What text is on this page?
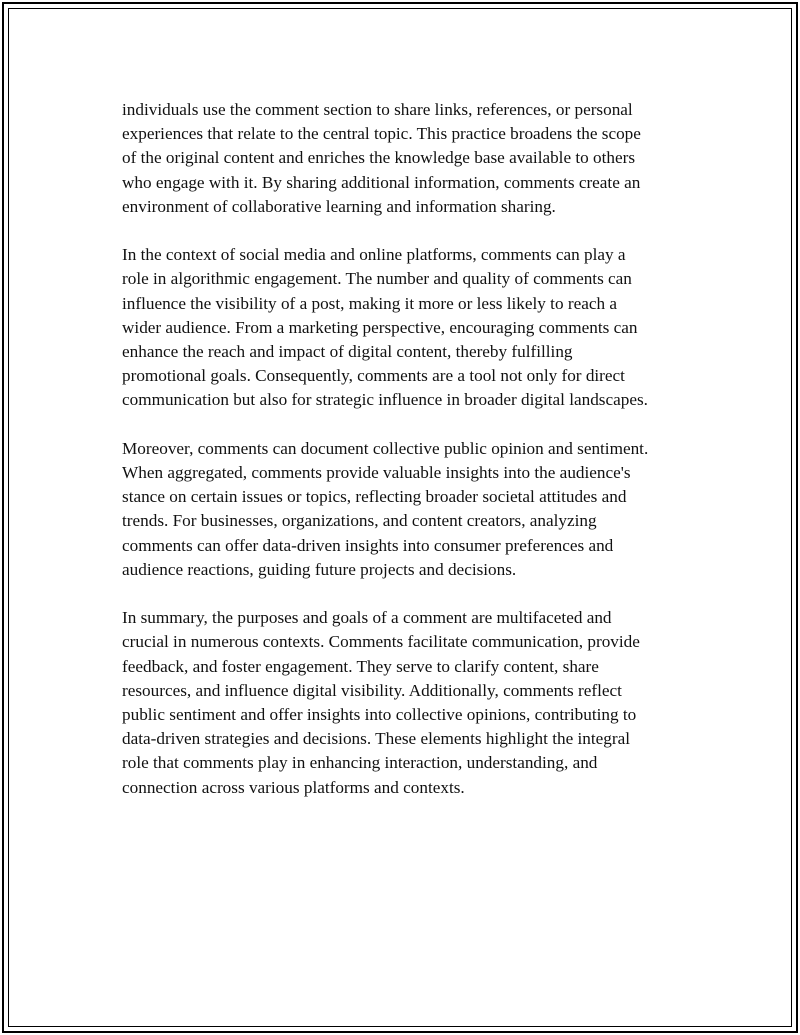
individuals use the comment section to share links, references, or personal
experiences that relate to the central topic. This practice broadens the scope
of the original content and enriches the knowledge base available to others
who engage with it. By sharing additional information, comments create an
environment of collaborative learning and information sharing.

In the context of social media and online platforms, comments can play a
role in algorithmic engagement. The number and quality of comments can
influence the visibility of a post, making it more or less likely to reach a
wider audience. From a marketing perspective, encouraging comments can
enhance the reach and impact of digital content, thereby fulfilling
promotional goals. Consequently, comments are a tool not only for direct
communication but also for strategic influence in broader digital landscapes.

Moreover, comments can document collective public opinion and sentiment.
When aggregated, comments provide valuable insights into the audience's
stance on certain issues or topics, reflecting broader societal attitudes and
trends. For businesses, organizations, and content creators, analyzing
comments can offer data-driven insights into consumer preferences and
audience reactions, guiding future projects and decisions.

In summary, the purposes and goals of a comment are multifaceted and
crucial in numerous contexts. Comments facilitate communication, provide
feedback, and foster engagement. They serve to clarify content, share
resources, and influence digital visibility. Additionally, comments reflect
public sentiment and offer insights into collective opinions, contributing to
data-driven strategies and decisions. These elements highlight the integral
role that comments play in enhancing interaction, understanding, and
connection across various platforms and contexts.
